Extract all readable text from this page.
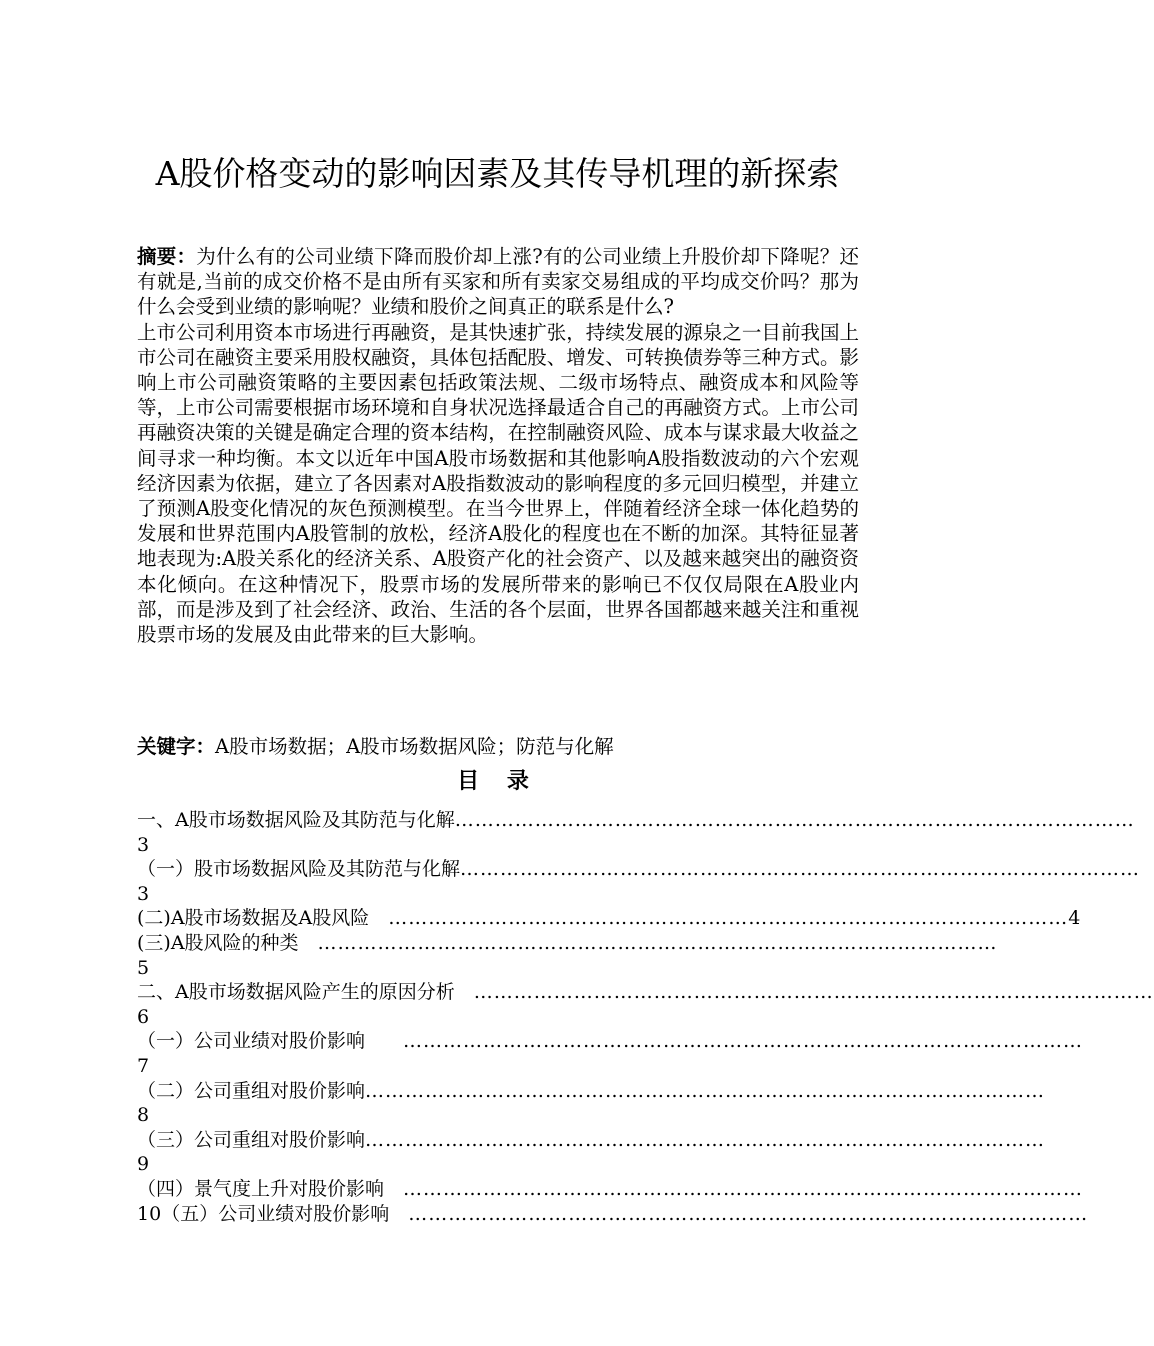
A股价格变动的影响因素及其传导机理的新探索

摘要：为什么有的公司业绩下降而股价却上涨?有的公司业绩上升股价却下降呢？还有就是,当前的成交价格不是由所有买家和所有卖家交易组成的平均成交价吗？那为什么会受到业绩的影响呢？业绩和股价之间真正的联系是什么?

上市公司利用资本市场进行再融资，是其快速扩张，持续发展的源泉之一目前我国上市公司在融资主要采用股权融资，具体包括配股、增发、可转换债券等三种方式。影响上市公司融资策略的主要因素包括政策法规、二级市场特点、融资成本和风险等等，上市公司需要根据市场环境和自身状况选择最适合自己的再融资方式。上市公司再融资决策的关键是确定合理的资本结构，在控制融资风险、成本与谋求最大收益之间寻求一种均衡。本文以近年中国A股市场数据和其他影响A股指数波动的六个宏观经济因素为依据，建立了各因素对A股指数波动的影响程度的多元回归模型，并建立了预测A股变化情况的灰色预测模型。在当今世界上，伴随着经济全球一体化趋势的发展和世界范围内A股管制的放松，经济A股化的程度也在不断的加深。其特征显著地表现为:A股关系化的经济关系、A股资产化的社会资产、以及越来越突出的融资资本化倾向。在这种情况下，股票市场的发展所带来的影响已不仅仅局限在A股业内部，而是涉及到了社会经济、政治、生活的各个层面，世界各国都越来越关注和重视股票市场的发展及由此带来的巨大影响。

关键字：A股市场数据；A股市场数据风险；防范与化解
目 录
一、A股市场数据风险及其防范与化解 …………………………………………………………………………………………
3
（一）股市场数据风险及其防范与化解 …………………………………………………………………………………………
3
(二)A股市场数据及A股风险　 ………………………………………………………………………………………… 4
(三)A股风险的种类　 …………………………………………………………………………………………
5
二、A股市场数据风险产生的原因分析　 …………………………………………………………………………………………
6
（一）公司业绩对股价影响　　 …………………………………………………………………………………………
7
（二）公司重组对股价影响 …………………………………………………………………………………………
8
（三）公司重组对股价影响 …………………………………………………………………………………………
9
（四）景气度上升对股价影响　 …………………………………………………………………………………………
10 （五）公司业绩对股价影响　 …………………………………………………………………………………………
